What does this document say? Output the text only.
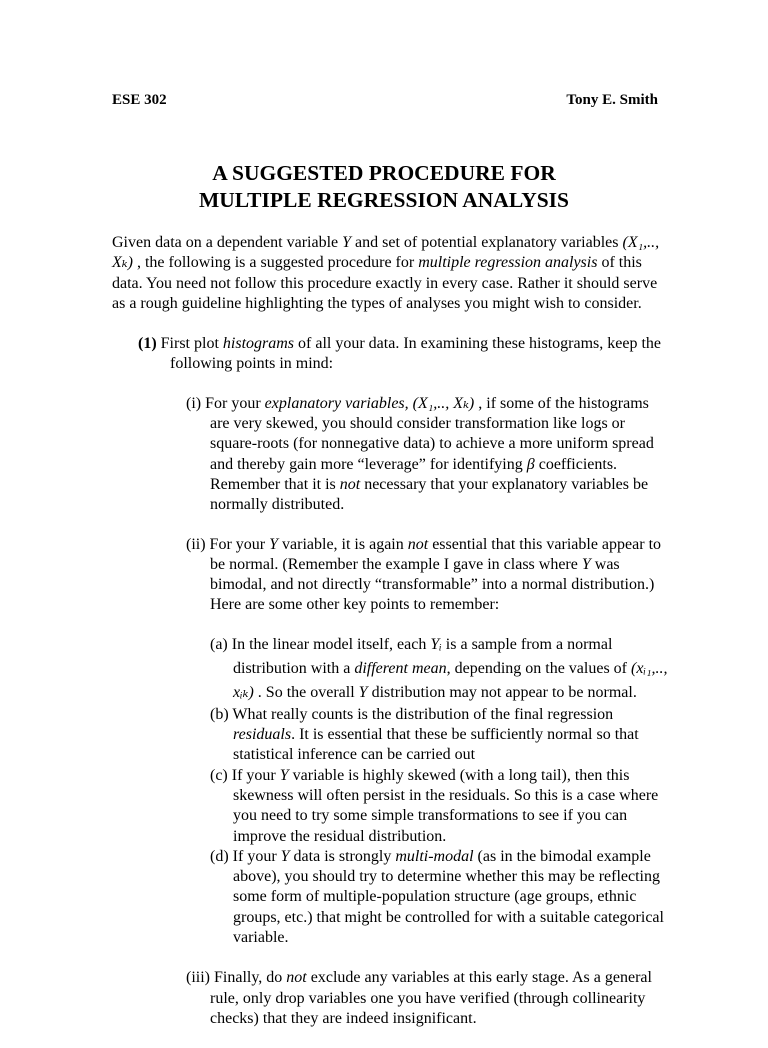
ESE 302	Tony E. Smith
A SUGGESTED PROCEDURE FOR
MULTIPLE REGRESSION ANALYSIS

Given data on a dependent variable Y and set of potential explanatory variables (X₁,.., Xₖ) , the following is a suggested procedure for multiple regression analysis of this data. You need not follow this procedure exactly in every case. Rather it should serve as a rough guideline highlighting the types of analyses you might wish to consider.

(1) First plot histograms of all your data. In examining these histograms, keep the following points in mind:

(i) For your explanatory variables, (X₁,.., Xₖ) , if some of the histograms are very skewed, you should consider transformation like logs or square-roots (for nonnegative data) to achieve a more uniform spread and thereby gain more “leverage” for identifying β coefficients. Remember that it is not necessary that your explanatory variables be normally distributed.

(ii) For your Y variable, it is again not essential that this variable appear to be normal. (Remember the example I gave in class where Y was bimodal, and not directly “transformable” into a normal distribution.) Here are some other key points to remember:

(a) In the linear model itself, each Yᵢ is a sample from a normal distribution with a different mean, depending on the values of (xᵢ₁,.., xᵢₖ) . So the overall Y distribution may not appear to be normal.

(b) What really counts is the distribution of the final regression residuals. It is essential that these be sufficiently normal so that statistical inference can be carried out

(c) If your Y variable is highly skewed (with a long tail), then this skewness will often persist in the residuals. So this is a case where you need to try some simple transformations to see if you can improve the residual distribution.

(d) If your Y data is strongly multi-modal (as in the bimodal example above), you should try to determine whether this may be reflecting some form of multiple-population structure (age groups, ethnic groups, etc.) that might be controlled for with a suitable categorical variable.

(iii) Finally, do not exclude any variables at this early stage. As a general rule, only drop variables one you have verified (through collinearity checks) that they are indeed insignificant.
